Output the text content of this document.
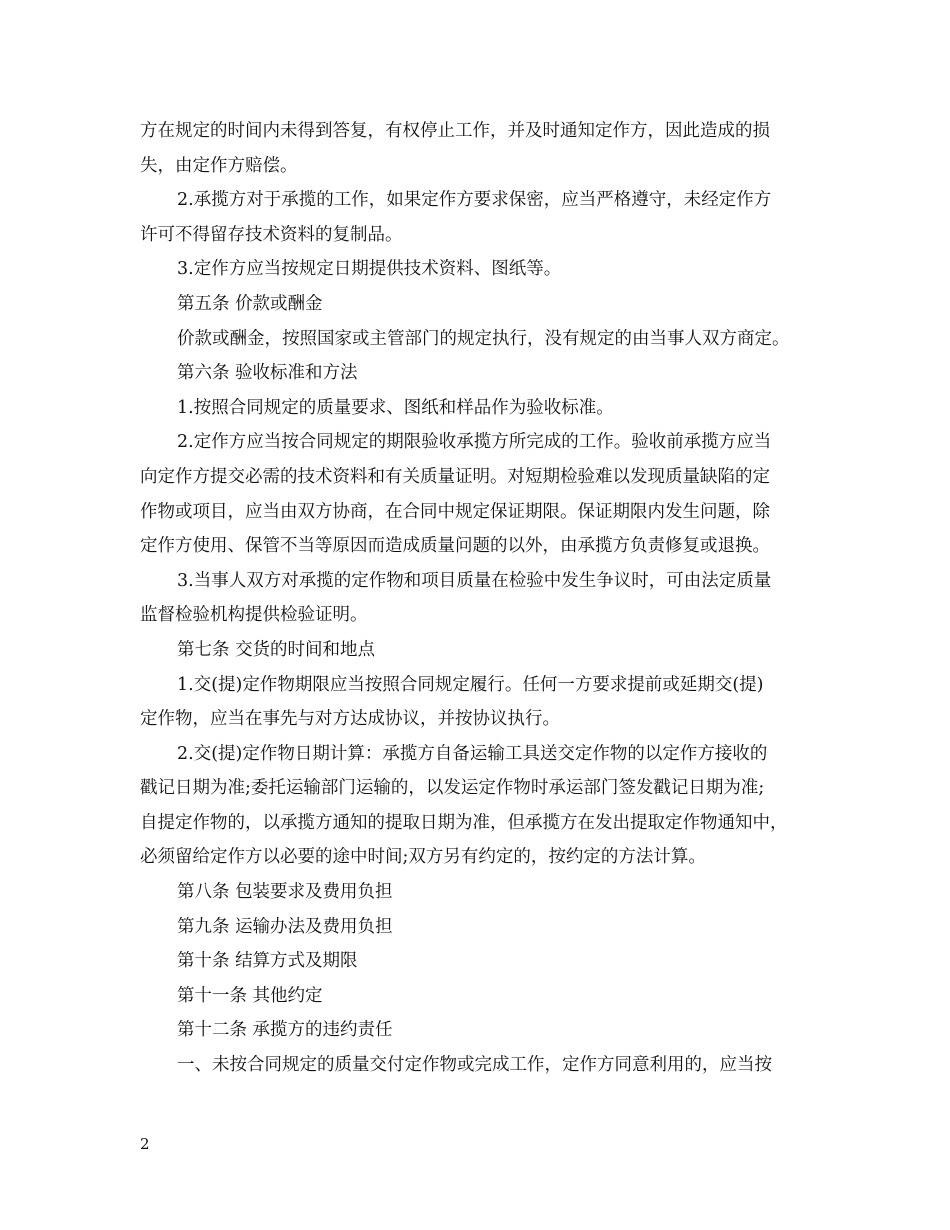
方在规定的时间内未得到答复，有权停止工作，并及时通知定作方，因此造成的损

失，由定作方赔偿。

2.承揽方对于承揽的工作，如果定作方要求保密，应当严格遵守，未经定作方

许可不得留存技术资料的复制品。

3.定作方应当按规定日期提供技术资料、图纸等。

第五条 价款或酬金

价款或酬金，按照国家或主管部门的规定执行，没有规定的由当事人双方商定。

第六条 验收标准和方法

1.按照合同规定的质量要求、图纸和样品作为验收标准。

2.定作方应当按合同规定的期限验收承揽方所完成的工作。验收前承揽方应当

向定作方提交必需的技术资料和有关质量证明。对短期检验难以发现质量缺陷的定

作物或项目，应当由双方协商，在合同中规定保证期限。保证期限内发生问题，除

定作方使用、保管不当等原因而造成质量问题的以外，由承揽方负责修复或退换。

3.当事人双方对承揽的定作物和项目质量在检验中发生争议时，可由法定质量

监督检验机构提供检验证明。

第七条 交货的时间和地点

1.交(提)定作物期限应当按照合同规定履行。任何一方要求提前或延期交(提)

定作物，应当在事先与对方达成协议，并按协议执行。

2.交(提)定作物日期计算：承揽方自备运输工具送交定作物的以定作方接收的

戳记日期为准;委托运输部门运输的，以发运定作物时承运部门签发戳记日期为准;

自提定作物的，以承揽方通知的提取日期为准，但承揽方在发出提取定作物通知中，

必须留给定作方以必要的途中时间;双方另有约定的，按约定的方法计算。

第八条 包装要求及费用负担

第九条 运输办法及费用负担

第十条 结算方式及期限

第十一条 其他约定

第十二条 承揽方的违约责任

一、未按合同规定的质量交付定作物或完成工作，定作方同意利用的，应当按

2
